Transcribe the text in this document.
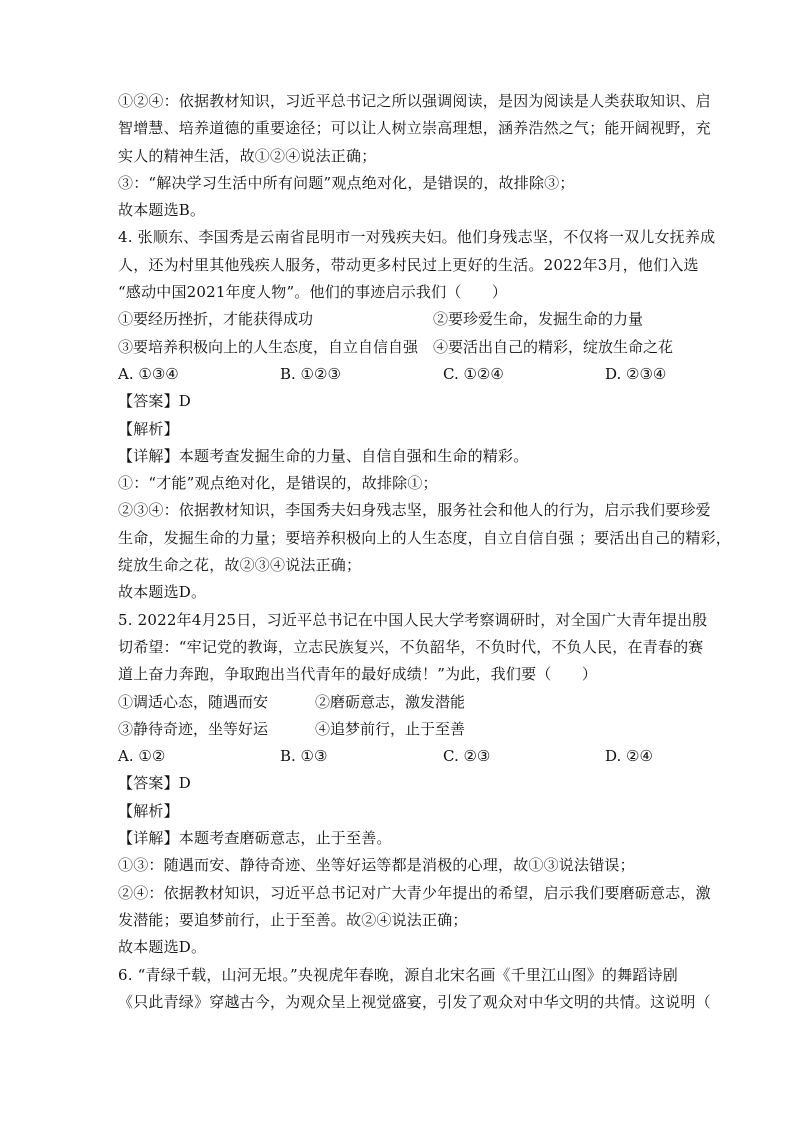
①②④：依据教材知识，习近平总书记之所以强调阅读，是因为阅读是人类获取知识、启
智增慧、培养道德的重要途径；可以让人树立崇高理想，涵养浩然之气；能开阔视野，充
实人的精神生活，故①②④说法正确；
③：“解决学习生活中所有问题”观点绝对化，是错误的，故排除③；
故本题选B。
4. 张顺东、李国秀是云南省昆明市一对残疾夫妇。他们身残志坚，不仅将一双儿女抚养成
人，还为村里其他残疾人服务，带动更多村民过上更好的生活。2022年3月，他们入选
“感动中国2021年度人物”。他们的事迹启示我们（　　）
①要经历挫折，才能获得成功	②要珍爱生命，发掘生命的力量
③要培养积极向上的人生态度，自立自信自强 ④要活出自己的精彩，绽放生命之花
A. ①③④	B. ①②③	C. ①②④	D. ②③④
【答案】D
【解析】
【详解】本题考查发掘生命的力量、自信自强和生命的精彩。
①：“才能”观点绝对化，是错误的，故排除①；
②③④：依据教材知识，李国秀夫妇身残志坚，服务社会和他人的行为，启示我们要珍爱
生命，发掘生命的力量；要培养积极向上的人生态度，自立自信自强 ；要活出自己的精彩，
绽放生命之花，故②③④说法正确；
故本题选D。
5. 2022年4月25日，习近平总书记在中国人民大学考察调研时，对全国广大青年提出殷
切希望：“牢记党的教诲，立志民族复兴，不负韶华，不负时代，不负人民，在青春的赛
道上奋力奔跑，争取跑出当代青年的最好成绩！”为此，我们要（　　）
①调适心态，随遇而安	②磨砺意志，激发潜能
③静待奇迹，坐等好运	④追梦前行，止于至善
A. ①②	B. ①③	C. ②③	D. ②④
【答案】D
【解析】
【详解】本题考查磨砺意志，止于至善。
①③：随遇而安、静待奇迹、坐等好运等都是消极的心理，故①③说法错误；
②④：依据教材知识，习近平总书记对广大青少年提出的希望，启示我们要磨砺意志，激
发潜能；要追梦前行，止于至善。故②④说法正确；
故本题选D。
6. “青绿千载，山河无垠。”央视虎年春晚，源自北宋名画《千里江山图》的舞蹈诗剧
《只此青绿》穿越古今，为观众呈上视觉盛宴，引发了观众对中华文明的共情。这说明（
